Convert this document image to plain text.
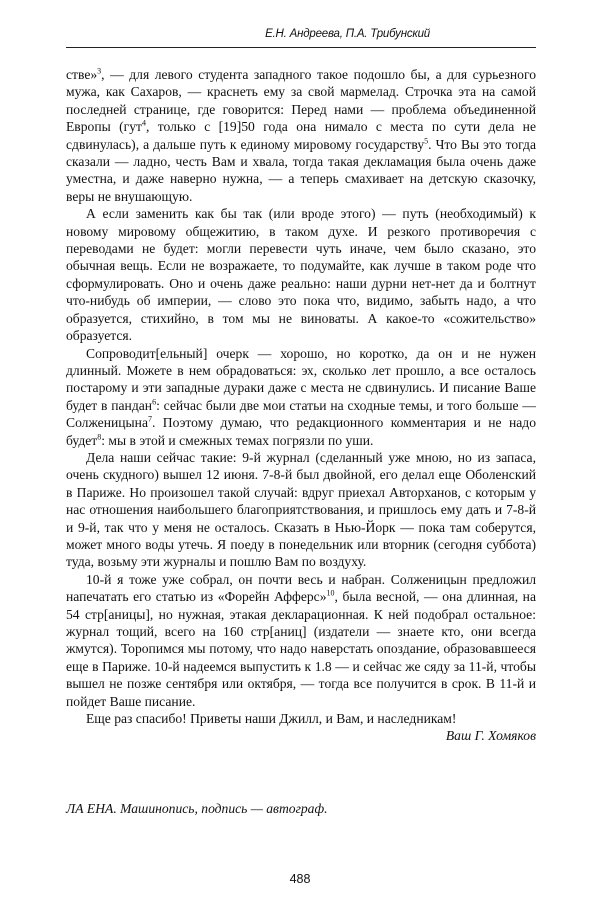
Е.Н. Андреева, П.А. Трибунский

стве»$^3$, — для левого студента западного такое подошло бы, а для сурьезного мужа, как Сахаров, — краснеть ему за свой мармелад. Строчка эта на самой последней странице, где говорится: Перед нами — проблема объединенной Европы (гут$^4$, только с [19]50 года она нимало с места по сути дела не сдвинулась), а дальше путь к единому мировому государству$^5$. Что Вы это тогда сказали — ладно, честь Вам и хвала, тогда такая декламация была очень даже уместна, и даже наверно нужна, — а теперь смахивает на детскую сказочку, веры не внушающую.

А если заменить как бы так (или вроде этого) — путь (необходимый) к новому мировому общежитию, в таком духе. И резкого противоречия с переводами не будет: могли перевести чуть иначе, чем было сказано, это обычная вещь. Если не возражаете, то подумайте, как лучше в таком роде что сформулировать. Оно и очень даже реально: наши дурни нет-нет да и болтнут что-нибудь об империи, — слово это пока что, видимо, забыть надо, а что образуется, стихийно, в том мы не виноваты. А какое-то «сожительство» образуется.

Сопроводит[ельный] очерк — хорошо, но коротко, да он и не нужен длинный. Можете в нем обрадоваться: эх, сколько лет прошло, а все осталось постарому и эти западные дураки даже с места не сдвинулись. И писание Ваше будет в пандан$^6$: сейчас были две мои статьи на сходные темы, и того больше — Солженицына$^7$. Поэтому думаю, что редакционного комментария и не надо будет$^8$: мы в этой и смежных темах погрязли по уши.

Дела наши сейчас такие: 9-й журнал (сделанный уже мною, но из запаса, очень скудного) вышел 12 июня. 7-8-й был двойной, его делал еще Оболенский в Париже. Но произошел такой случай: вдруг приехал Авторханов, с которым у нас отношения наибольшего благоприятствования, и пришлось ему дать и 7-8-й и 9-й, так что у меня не осталось. Сказать в Нью-Йорк — пока там соберутся, может много воды утечь. Я поеду в понедельник или вторник (сегодня суббота) туда, возьму эти журналы и пошлю Вам по воздуху.

10-й я тоже уже собрал, он почти весь и набран. Солженицын предложил напечатать его статью из «Форейн Афферс»$^{10}$, была весной, — она длинная, на 54 стр[аницы], но нужная, этакая декларационная. К ней подобрал остальное: журнал тощий, всего на 160 стр[аниц] (издатели — знаете кто, они всегда жмутся). Торопимся мы потому, что надо наверстать опоздание, образовавшееся еще в Париже. 10-й надеемся выпустить к 1.8 — и сейчас же сяду за 11-й, чтобы вышел не позже сентября или октября, — тогда все получится в срок. В 11-й и пойдет Ваше писание.

Еще раз спасибо! Приветы наши Джилл, и Вам, и наследникам!

Ваш Г. Хомяков

ЛА ЕНА. Машинопись, подпись — автограф.
488
